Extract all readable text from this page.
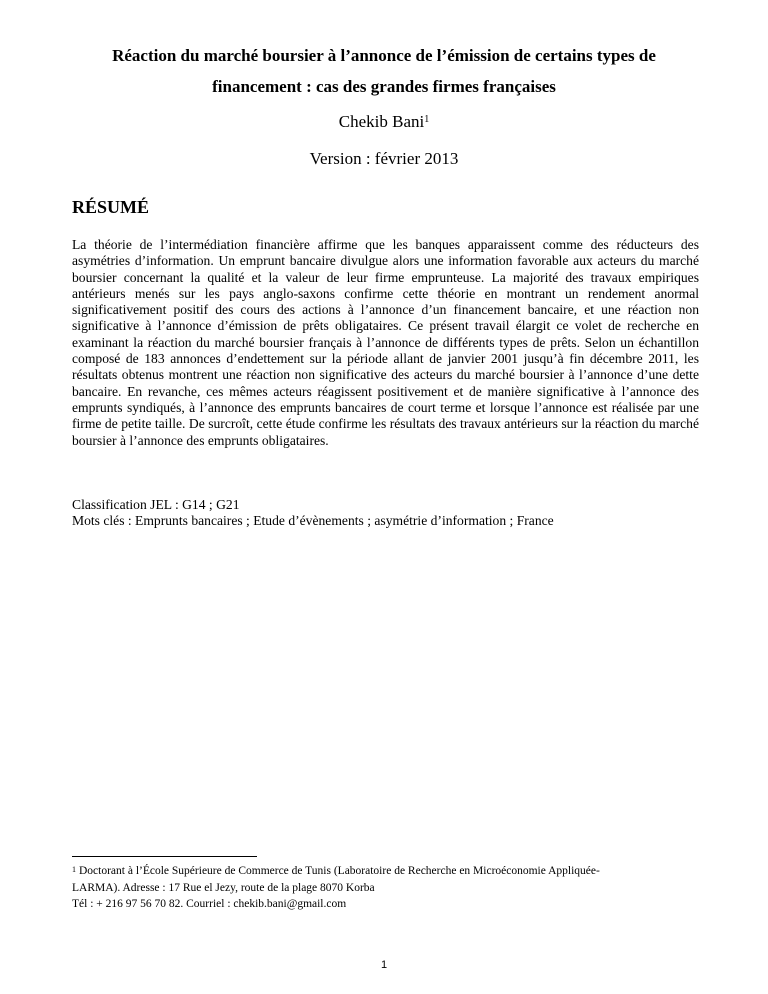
Réaction du marché boursier à l’annonce de l’émission de certains types de
financement : cas des grandes firmes françaises

Chekib Bani$^1$

Version : février 2013

RÉSUMÉ

La théorie de l’intermédiation financière affirme que les banques apparaissent comme des réducteurs des asymétries d’information. Un emprunt bancaire divulgue alors une information favorable aux acteurs du marché boursier concernant la qualité et la valeur de leur firme emprunteuse. La majorité des travaux empiriques antérieurs menés sur les pays anglo-saxons confirme cette théorie en montrant un rendement anormal significativement positif des cours des actions à l’annonce d’un financement bancaire, et une réaction non significative à l’annonce d’émission de prêts obligataires. Ce présent travail élargit ce volet de recherche en examinant la réaction du marché boursier français à l’annonce de différents types de prêts. Selon un échantillon composé de 183 annonces d’endettement sur la période allant de janvier 2001 jusqu’à fin décembre 2011, les résultats obtenus montrent une réaction non significative des acteurs du marché boursier à l’annonce d’une dette bancaire. En revanche, ces mêmes acteurs réagissent positivement et de manière significative à l’annonce des emprunts syndiqués, à l’annonce des emprunts bancaires de court terme et lorsque l’annonce est réalisée par une firme de petite taille. De surcroît, cette étude confirme les résultats des travaux antérieurs sur la réaction du marché boursier à l’annonce des emprunts obligataires.

Classification JEL : G14 ; G21
Mots clés : Emprunts bancaires ; Etude d’évènements ; asymétrie d’information ; France
$^1$ Doctorant à l’École Supérieure de Commerce de Tunis (Laboratoire de Recherche en Microéconomie Appliquée-
LARMA). Adresse : 17 Rue el Jezy, route de la plage 8070 Korba
Tél : + 216 97 56 70 82. Courriel : chekib.bani@gmail.com

1
